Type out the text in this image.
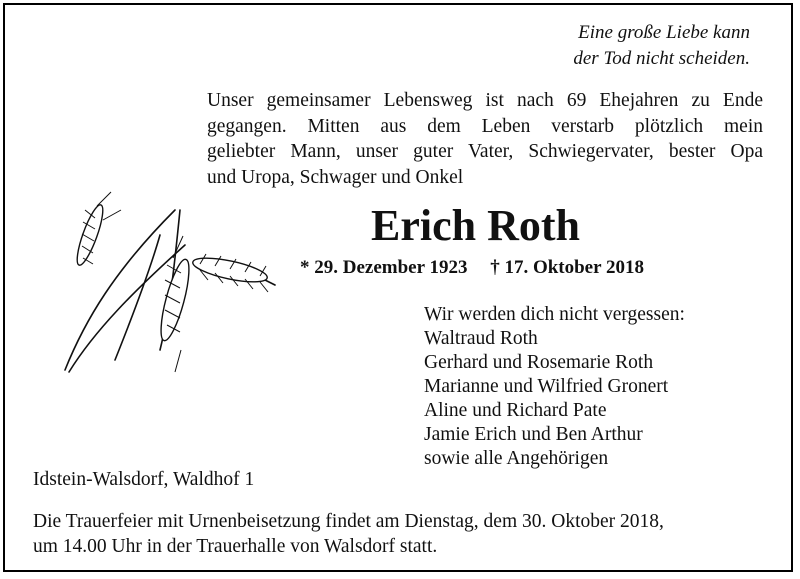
Eine große Liebe kann
der Tod nicht scheiden.
Unser gemeinsamer Lebensweg ist nach 69 Ehejahren zu Ende
gegangen. Mitten aus dem Leben verstarb plötzlich mein
geliebter Mann, unser guter Vater, Schwiegervater, bester Opa
und Uropa, Schwager und Onkel
Erich Roth
* 29. Dezember 1923 † 17. Oktober 2018
Wir werden dich nicht vergessen:
Waltraud Roth
Gerhard und Rosemarie Roth
Marianne und Wilfried Gronert
Aline und Richard Pate
Jamie Erich und Ben Arthur
sowie alle Angehörigen
Idstein-Walsdorf, Waldhof 1
Die Trauerfeier mit Urnenbeisetzung findet am Dienstag, dem 30. Oktober 2018,
um 14.00 Uhr in der Trauerhalle von Walsdorf statt.
